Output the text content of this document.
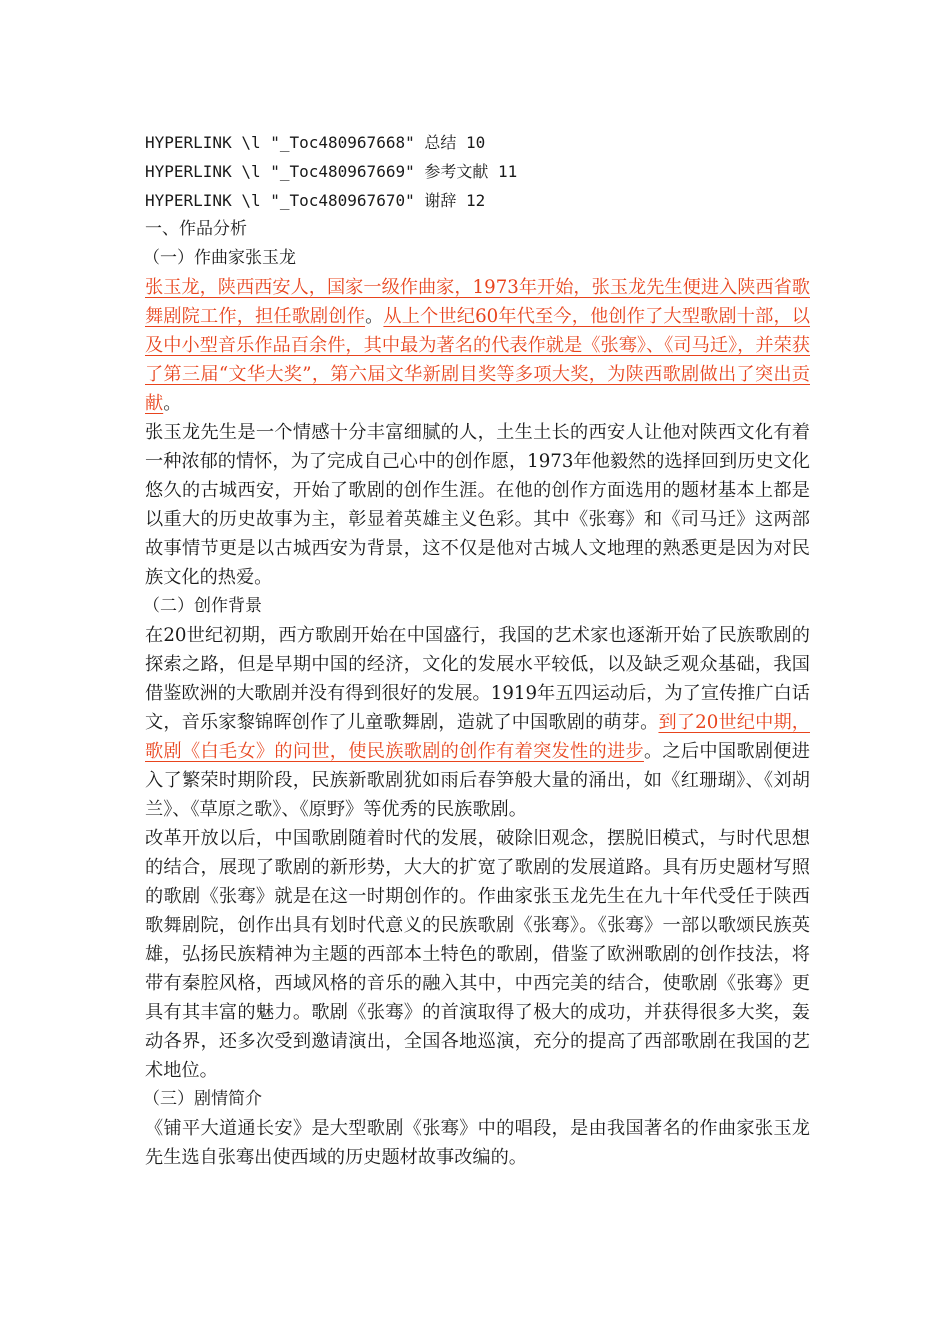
HYPERLINK \l "_Toc480967668" 总结 10
HYPERLINK \l "_Toc480967669" 参考文献 11
HYPERLINK \l "_Toc480967670" 谢辞 12
一、作品分析
（一）作曲家张玉龙

张玉龙，陕西西安人，国家一级作曲家，1973年开始，张玉龙先生便进入陕西省歌舞剧院工作，担任歌剧创作。从上个世纪60年代至今，他创作了大型歌剧十部，以及中小型音乐作品百余件，其中最为著名的代表作就是《张骞》、《司马迁》，并荣获了第三届“文华大奖”，第六届文华新剧目奖等多项大奖，为陕西歌剧做出了突出贡献。

张玉龙先生是一个情感十分丰富细腻的人，土生土长的西安人让他对陕西文化有着一种浓郁的情怀，为了完成自己心中的创作愿，1973年他毅然的选择回到历史文化悠久的古城西安，开始了歌剧的创作生涯。在他的创作方面选用的题材基本上都是以重大的历史故事为主，彰显着英雄主义色彩。其中《张骞》和《司马迁》这两部故事情节更是以古城西安为背景，这不仅是他对古城人文地理的熟悉更是因为对民族文化的热爱。

（二）创作背景

在20世纪初期，西方歌剧开始在中国盛行，我国的艺术家也逐渐开始了民族歌剧的探索之路，但是早期中国的经济，文化的发展水平较低，以及缺乏观众基础，我国借鉴欧洲的大歌剧并没有得到很好的发展。1919年五四运动后，为了宣传推广白话文，音乐家黎锦晖创作了儿童歌舞剧，造就了中国歌剧的萌芽。到了20世纪中期，歌剧《白毛女》的问世，使民族歌剧的创作有着突发性的进步。之后中国歌剧便进入了繁荣时期阶段，民族新歌剧犹如雨后春笋般大量的涌出，如《红珊瑚》、《刘胡兰》、《草原之歌》、《原野》等优秀的民族歌剧。

改革开放以后，中国歌剧随着时代的发展，破除旧观念，摆脱旧模式，与时代思想的结合，展现了歌剧的新形势，大大的扩宽了歌剧的发展道路。具有历史题材写照的歌剧《张骞》就是在这一时期创作的。作曲家张玉龙先生在九十年代受任于陕西歌舞剧院，创作出具有划时代意义的民族歌剧《张骞》。《张骞》一部以歌颂民族英雄，弘扬民族精神为主题的西部本土特色的歌剧，借鉴了欧洲歌剧的创作技法，将带有秦腔风格，西域风格的音乐的融入其中，中西完美的结合，使歌剧《张骞》更具有其丰富的魅力。歌剧《张骞》的首演取得了极大的成功，并获得很多大奖，轰动各界，还多次受到邀请演出，全国各地巡演，充分的提高了西部歌剧在我国的艺术地位。

（三）剧情简介

《铺平大道通长安》是大型歌剧《张骞》中的唱段，是由我国著名的作曲家张玉龙先生选自张骞出使西域的历史题材故事改编的。
